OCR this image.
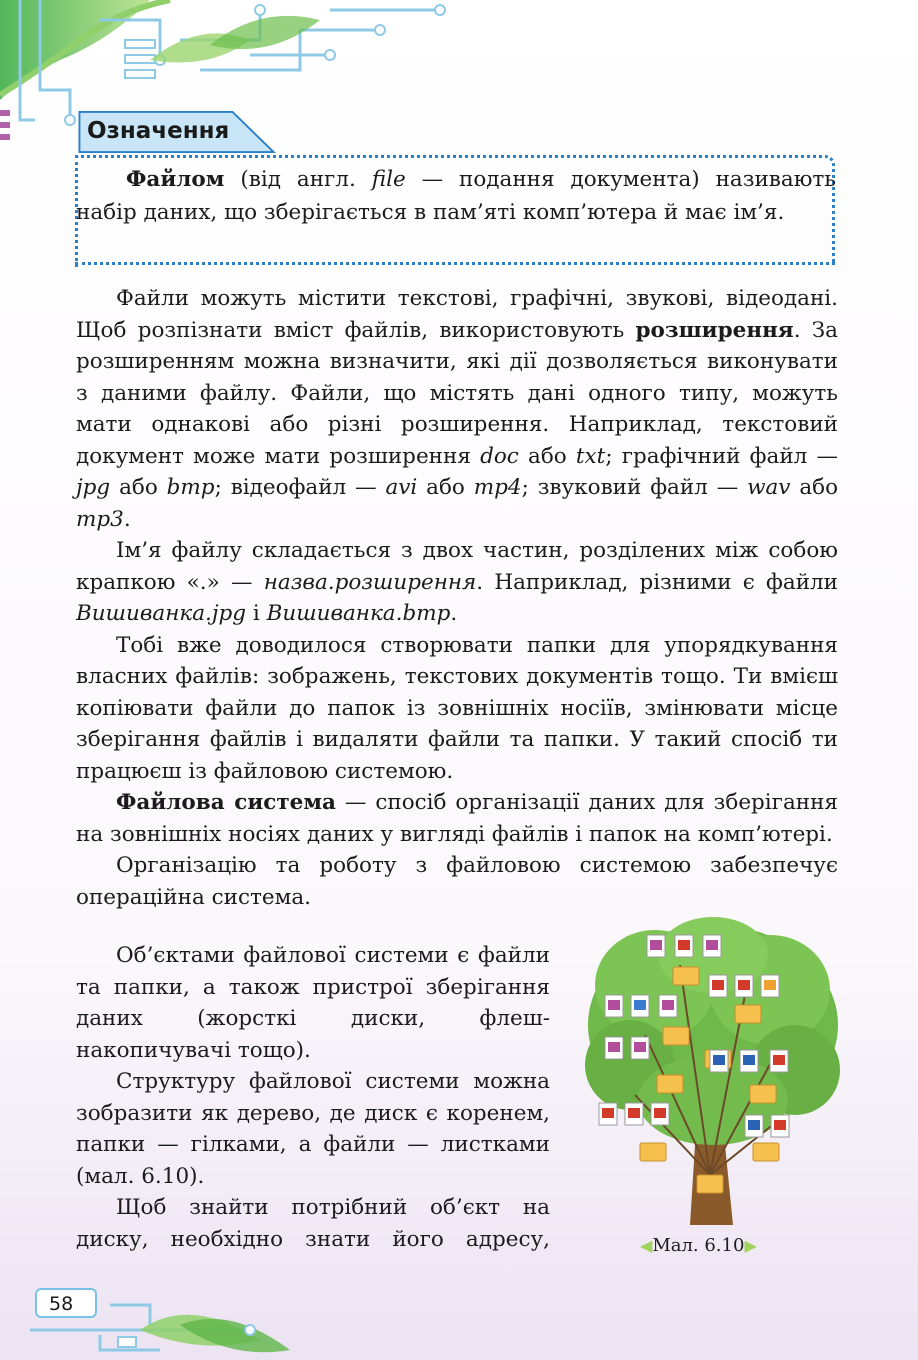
Означення
Файлом (від англ. file — подання документа) називають набір даних, що зберігається в пам’яті комп’ютера й має ім’я.

Файли можуть містити текстові, графічні, звукові, відеодані. Щоб розпізнати вміст файлів, використовують розширення. За розширенням можна визначити, які дії дозволяється виконувати з даними файлу. Файли, що містять дані одного типу, можуть мати однакові або різні розширення. Наприклад, текстовий документ може мати розширення doc або txt; графічний файл — jpg або bmp; відеофайл — avi або mp4; звуковий файл — wav або mp3.

Ім’я файлу складається з двох частин, розділених між собою крапкою «.» — назва.розширення. Наприклад, різними є файли Вишиванка.jpg і Вишиванка.bmp.

Тобі вже доводилося створювати папки для упорядкування власних файлів: зображень, текстових документів тощо. Ти вмієш копіювати файли до папок із зовнішніх носіїв, змінювати місце зберігання файлів і видаляти файли та папки. У такий спосіб ти працюєш із файловою системою.

Файлова система — спосіб організації даних для зберігання на зовнішніх носіях даних у вигляді файлів і папок на комп’ютері.

Організацію та роботу з файловою системою забезпечує операційна система.

Об’єктами файлової системи є файли та папки, а також пристрої зберігання даних (жорсткі диски, флеш-накопичувачі тощо).

Структуру файлової системи можна зобразити як дерево, де диск є коренем, папки — гілками, а файли — листками (мал. 6.10).

Щоб знайти потрібний об’єкт на диску, необхідно знати його адресу,	◀Мал. 6.10▶
58
